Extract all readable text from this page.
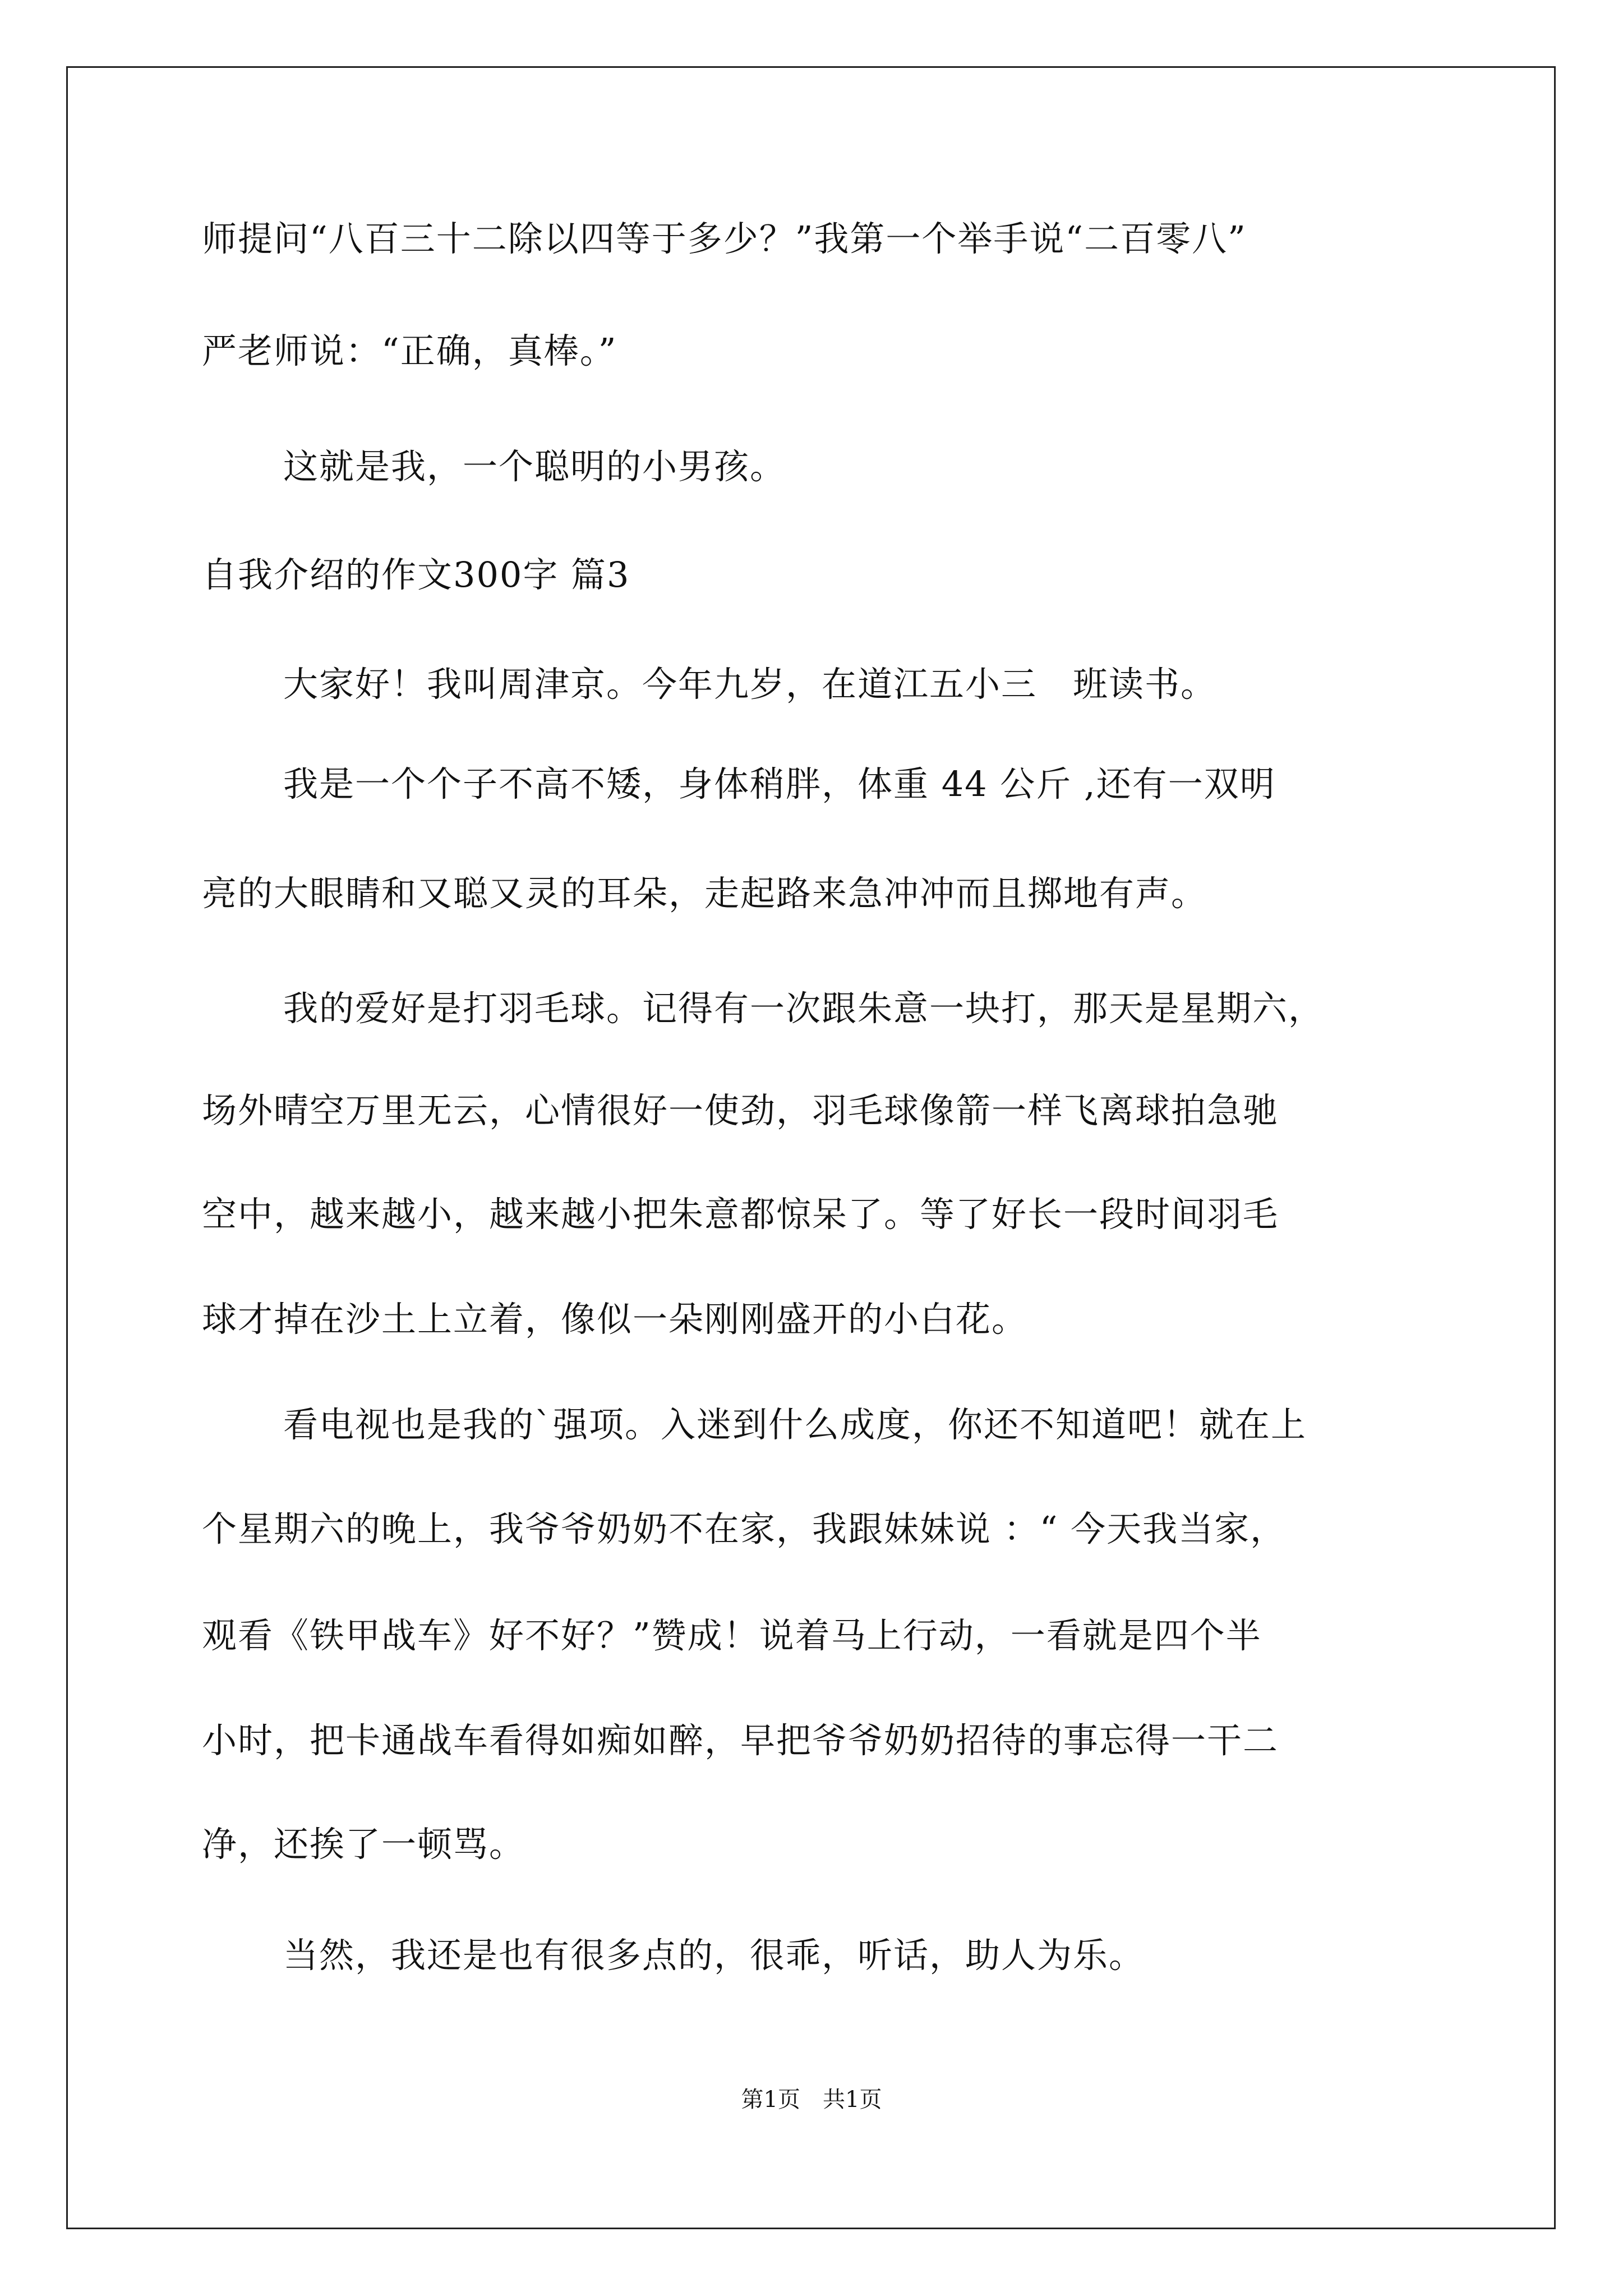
师提问“八百三十二除以四等于多少？”我第一个举手说“二百零八”
严老师说：“正确，真棒。”
这就是我，一个聪明的小男孩。
自我介绍的作文300字 篇3
大家好！我叫周津京。今年九岁，在道江五小三　班读书。
我是一个个子不高不矮，身体稍胖，体重 44 公斤 ,还有一双明
亮的大眼睛和又聪又灵的耳朵，走起路来急冲冲而且掷地有声。
我的爱好是打羽毛球。记得有一次跟朱意一块打，那天是星期六，
场外晴空万里无云，心情很好一使劲，羽毛球像箭一样飞离球拍急驰
空中，越来越小，越来越小把朱意都惊呆了。等了好长一段时间羽毛
球才掉在沙土上立着，像似一朵刚刚盛开的小白花。
看电视也是我的`强项。入迷到什么成度，你还不知道吧！就在上
个星期六的晚上，我爷爷奶奶不在家，我跟妹妹说 ：“ 今天我当家，
观看《铁甲战车》好不好？”赞成！说着马上行动，一看就是四个半
小时，把卡通战车看得如痴如醉，早把爷爷奶奶招待的事忘得一干二
净，还挨了一顿骂。
当然，我还是也有很多点的，很乖，听话，助人为乐。
第1页　共1页
